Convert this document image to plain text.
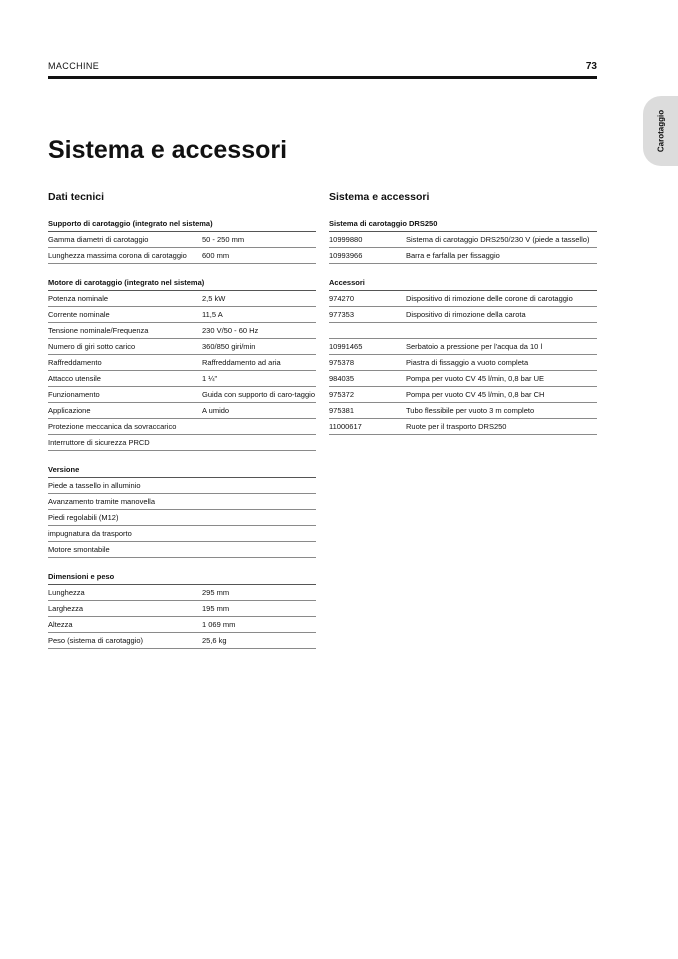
MACCHINE	73
Carotaggio
Sistema e accessori
Dati tecnici
Supporto di carotaggio (integrato nel sistema)
Gamma diametri di carotaggio	50 - 250 mm
Lunghezza massima corona di carotaggio	600 mm
Motore di carotaggio (integrato nel sistema)
Potenza nominale	2,5 kW
Corrente nominale	11,5 A
Tensione nominale/Frequenza	230 V/50 - 60 Hz
Numero di giri sotto carico	360/850 giri/min
Raffreddamento	Raffreddamento ad aria
Attacco utensile	1 ¼"
Funzionamento	Guida con supporto di caro-taggio
Applicazione	A umido
Protezione meccanica da sovraccarico
Interruttore di sicurezza PRCD
Versione
Piede a tassello in alluminio
Avanzamento tramite manovella
Piedi regolabili (M12)
impugnatura da trasporto
Motore smontabile
Dimensioni e peso
Lunghezza	295 mm
Larghezza	195 mm
Altezza	1 069 mm
Peso (sistema di carotaggio)	25,6 kg
Sistema e accessori
Sistema di carotaggio DRS250
10999880	Sistema di carotaggio DRS250/230 V (piede a tassello)
10993966	Barra e farfalla per fissaggio
Accessori
974270	Dispositivo di rimozione delle corone di carotaggio
977353	Dispositivo di rimozione della carota
10991465	Serbatoio a pressione per l'acqua da 10 l
975378	Piastra di fissaggio a vuoto completa
984035	Pompa per vuoto CV 45 l/min, 0,8 bar UE
975372	Pompa per vuoto CV 45 l/min, 0,8 bar CH
975381	Tubo flessibile per vuoto 3 m completo
11000617	Ruote per il trasporto DRS250
